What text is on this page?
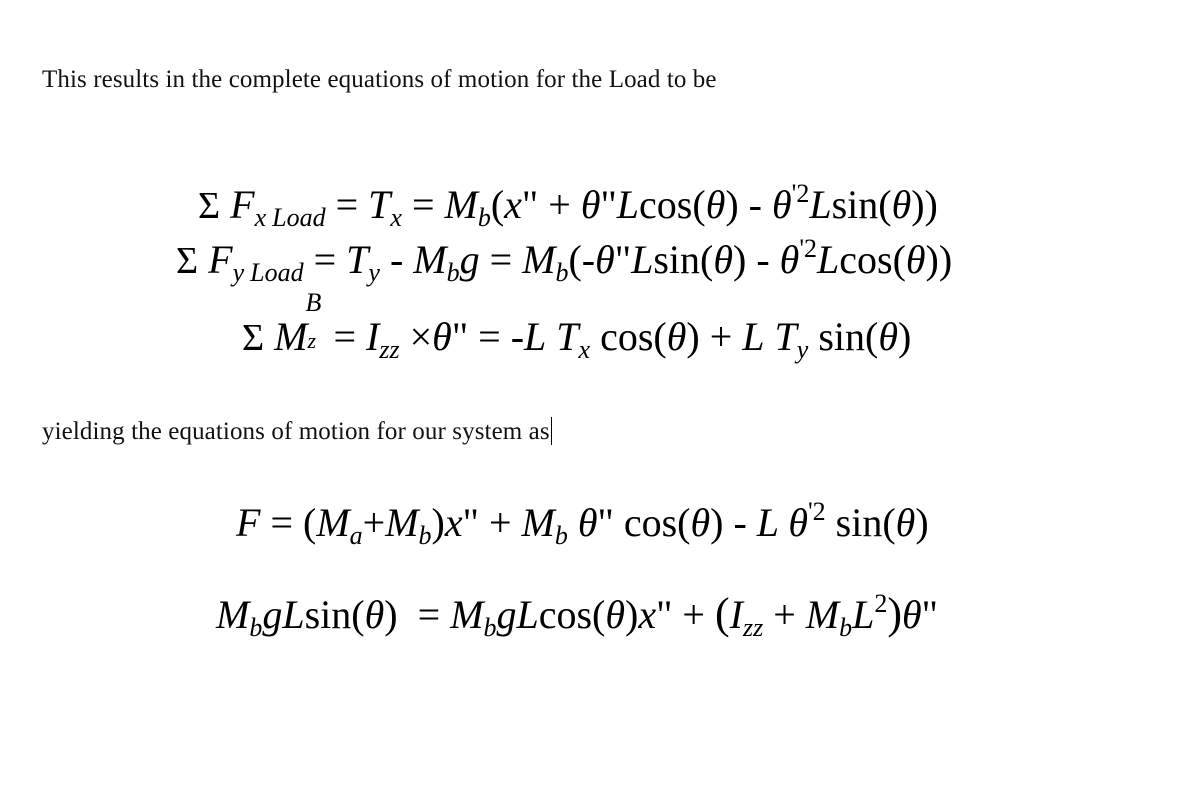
This results in the complete equations of motion for the Load to be
Σ $F_x$ $_{Load} = T_x = M_b(x$" + θ"Lcos(θ) - $\theta^{'2}Lsin(\theta)$)
Σ $F_y$ $_{Load} = T_y - M_bg$ = $M_b(-\theta"Lsin(\theta) - \theta^{'2}Lcos(\theta))$
Σ M
B
$z = I_{zz} \times\theta$" = -L $T_x$ cos(θ) + L $T_y$ sin(θ)
yielding the equations of motion for our system as
$F = (M_a+M_b)x$" + $M_b$ θ" cos(θ) - L $\theta^{'2}$ sin(θ)
$M_bgLsin(\theta) = M_bgLcos(\theta)x$" + $(I_{zz} + M_bL^2)\theta$"
